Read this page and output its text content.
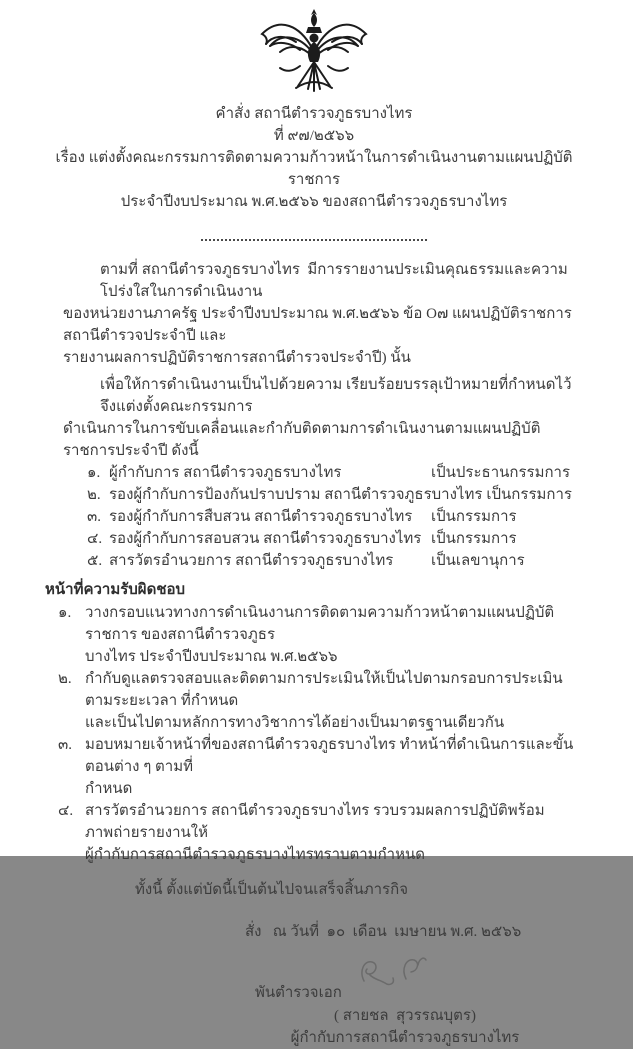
คำสั่ง สถานีตำรวจภูธรบางไทร
ที่ ๙๗/๒๕๖๖
เรื่อง แต่งตั้งคณะกรรมการติดตามความก้าวหน้าในการดำเนินงานตามแผนปฏิบัติราชการ
ประจำปีงบประมาณ พ.ศ.๒๕๖๖ ของสถานีตำรวจภูธรบางไทร
ตามที่ สถานีตำรวจภูธรบางไทร  มีการรายงานประเมินคุณธรรมและความโปร่งใสในการดำเนินงาน
ของหน่วยงานภาครัฐ ประจำปีงบประมาณ พ.ศ.๒๕๖๖ ข้อ O๗ แผนปฏิบัติราชการสถานีตำรวจประจำปี และ
รายงานผลการปฏิบัติราชการสถานีตำรวจประจำปี) นั้น
เพื่อให้การดำเนินงานเป็นไปด้วยความ เรียบร้อยบรรลุเป้าหมายที่กำหนดไว้จึงแต่งตั้งคณะกรรมการ
ดำเนินการในการขับเคลื่อนและกำกับติดตามการดำเนินงานตามแผนปฏิบัติราชการประจำปี ดังนี้
๑. ผู้กำกับการ สถานีตำรวจภูธรบางไทร	เป็นประธานกรรมการ
๒. รองผู้กำกับการป้องกันปราบปราม สถานีตำรวจภูธรบางไทร เป็นกรรมการ
๓. รองผู้กำกับการสืบสวน สถานีตำรวจภูธรบางไทร	เป็นกรรมการ
๔. รองผู้กำกับการสอบสวน สถานีตำรวจภูธรบางไทร เป็นกรรมการ
๕. สารวัตรอำนวยการ สถานีตำรวจภูธรบางไทร	เป็นเลขานุการ
หน้าที่ความรับผิดชอบ
๑. วางกรอบแนวทางการดำเนินงานการติดตามความก้าวหน้าตามแผนปฏิบัติราชการ ของสถานีตำรวจภูธร
บางไทร ประจำปีงบประมาณ พ.ศ.๒๕๖๖
๒. กำกับดูแลตรวจสอบและติดตามการประเมินให้เป็นไปตามกรอบการประเมินตามระยะเวลา ที่กำหนด
และเป็นไปตามหลักการทางวิชาการได้อย่างเป็นมาตรฐานเดียวกัน
๓. มอบหมายเจ้าหน้าที่ของสถานีตำรวจภูธรบางไทร ทำหน้าที่ดำเนินการและขั้นตอนต่าง ๆ ตามที่
กำหนด
๔. สารวัตรอำนวยการ สถานีตำรวจภูธรบางไทร รวบรวมผลการปฏิบัติพร้อมภาพถ่ายรายงานให้
ผู้กำกับการสถานีตำรวจภูธรบางไทรทราบตามกำหนด
ทั้งนี้ ตั้งแต่บัดนี้เป็นต้นไปจนเสร็จสิ้นภารกิจ
สั่ง   ณ วันที่  ๑๐  เดือน  เมษายน พ.ศ. ๒๕๖๖
พันตำรวจเอก
( สายชล  สุวรรณบุตร)
ผู้กำกับการสถานีตำรวจภูธรบางไทร
